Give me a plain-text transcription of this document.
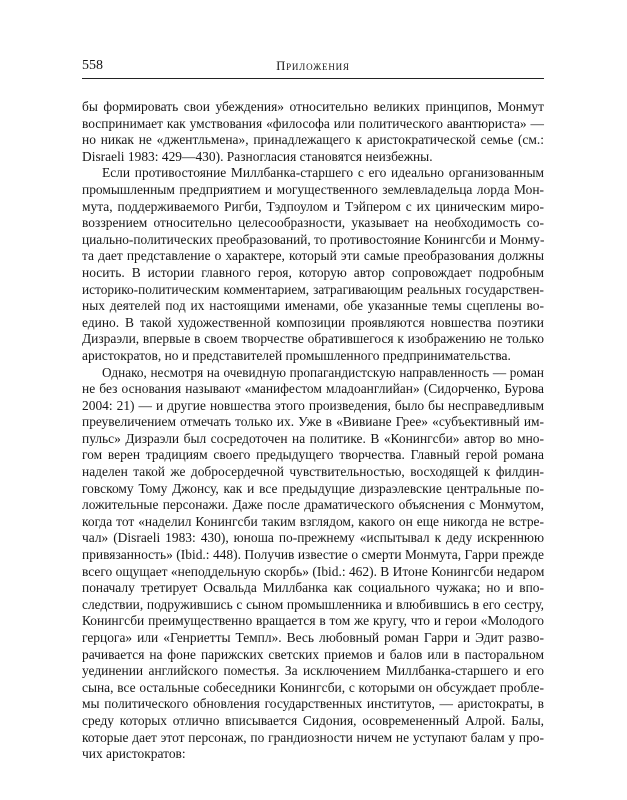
558	Приложения

бы формировать свои убеждения» относительно великих принципов, Монмут
воспринимает как умствования «философа или политического авантюриста» —
но никак не «джентльмена», принадлежащего к аристократической семье (см.:
Disraeli 1983: 429—430). Разногласия становятся неизбежны.

Если противостояние Миллбанка-старшего с его идеально организованным
промышленным предприятием и могущественного землевладельца лорда Мон-
мута, поддерживаемого Ригби, Тэдпоулом и Тэйпером с их циническим миро-
воззрением относительно целесообразности, указывает на необходимость со-
циально-политических преобразований, то противостояние Конингсби и Монму-
та дает представление о характере, который эти самые преобразования должны
носить. В истории главного героя, которую автор сопровождает подробным
историко-политическим комментарием, затрагивающим реальных государствен-
ных деятелей под их настоящими именами, обе указанные темы сцеплены во-
едино. В такой художественной композиции проявляются новшества поэтики
Дизраэли, впервые в своем творчестве обратившегося к изображению не только
аристократов, но и представителей промышленного предпринимательства.

Однако, несмотря на очевидную пропагандистскую направленность — роман
не без основания называют «манифестом младоанглийан» (Сидорченко, Бурова
2004: 21) — и другие новшества этого произведения, было бы несправедливым
преувеличением отмечать только их. Уже в «Вивиане Грее» «субъективный им-
пульс» Дизраэли был сосредоточен на политике. В «Конингсби» автор во мно-
гом верен традициям своего предыдущего творчества. Главный герой романа
наделен такой же добросердечной чувствительностью, восходящей к филдин-
говскому Тому Джонсу, как и все предыдущие дизраэлевские центральные по-
ложительные персонажи. Даже после драматического объяснения с Монмутом,
когда тот «наделил Конингсби таким взглядом, какого он еще никогда не встре-
чал» (Disraeli 1983: 430), юноша по-прежнему «испытывал к деду искреннюю
привязанность» (Ibid.: 448). Получив известие о смерти Монмута, Гарри прежде
всего ощущает «неподдельную скорбь» (Ibid.: 462). В Итоне Конингсби недаром
поначалу третирует Освальда Миллбанка как социального чужака; но и впо-
следствии, подружившись с сыном промышленника и влюбившись в его сестру,
Конингсби преимущественно вращается в том же кругу, что и герои «Молодого
герцога» или «Генриетты Темпл». Весь любовный роман Гарри и Эдит разво-
рачивается на фоне парижских светских приемов и балов или в пасторальном
уединении английского поместья. За исключением Миллбанка-старшего и его
сына, все остальные собеседники Конингсби, с которыми он обсуждает пробле-
мы политического обновления государственных институтов, — аристократы, в
среду которых отлично вписывается Сидония, осовремененный Алрой. Балы,
которые дает этот персонаж, по грандиозности ничем не уступают балам у про-
чих аристократов:
